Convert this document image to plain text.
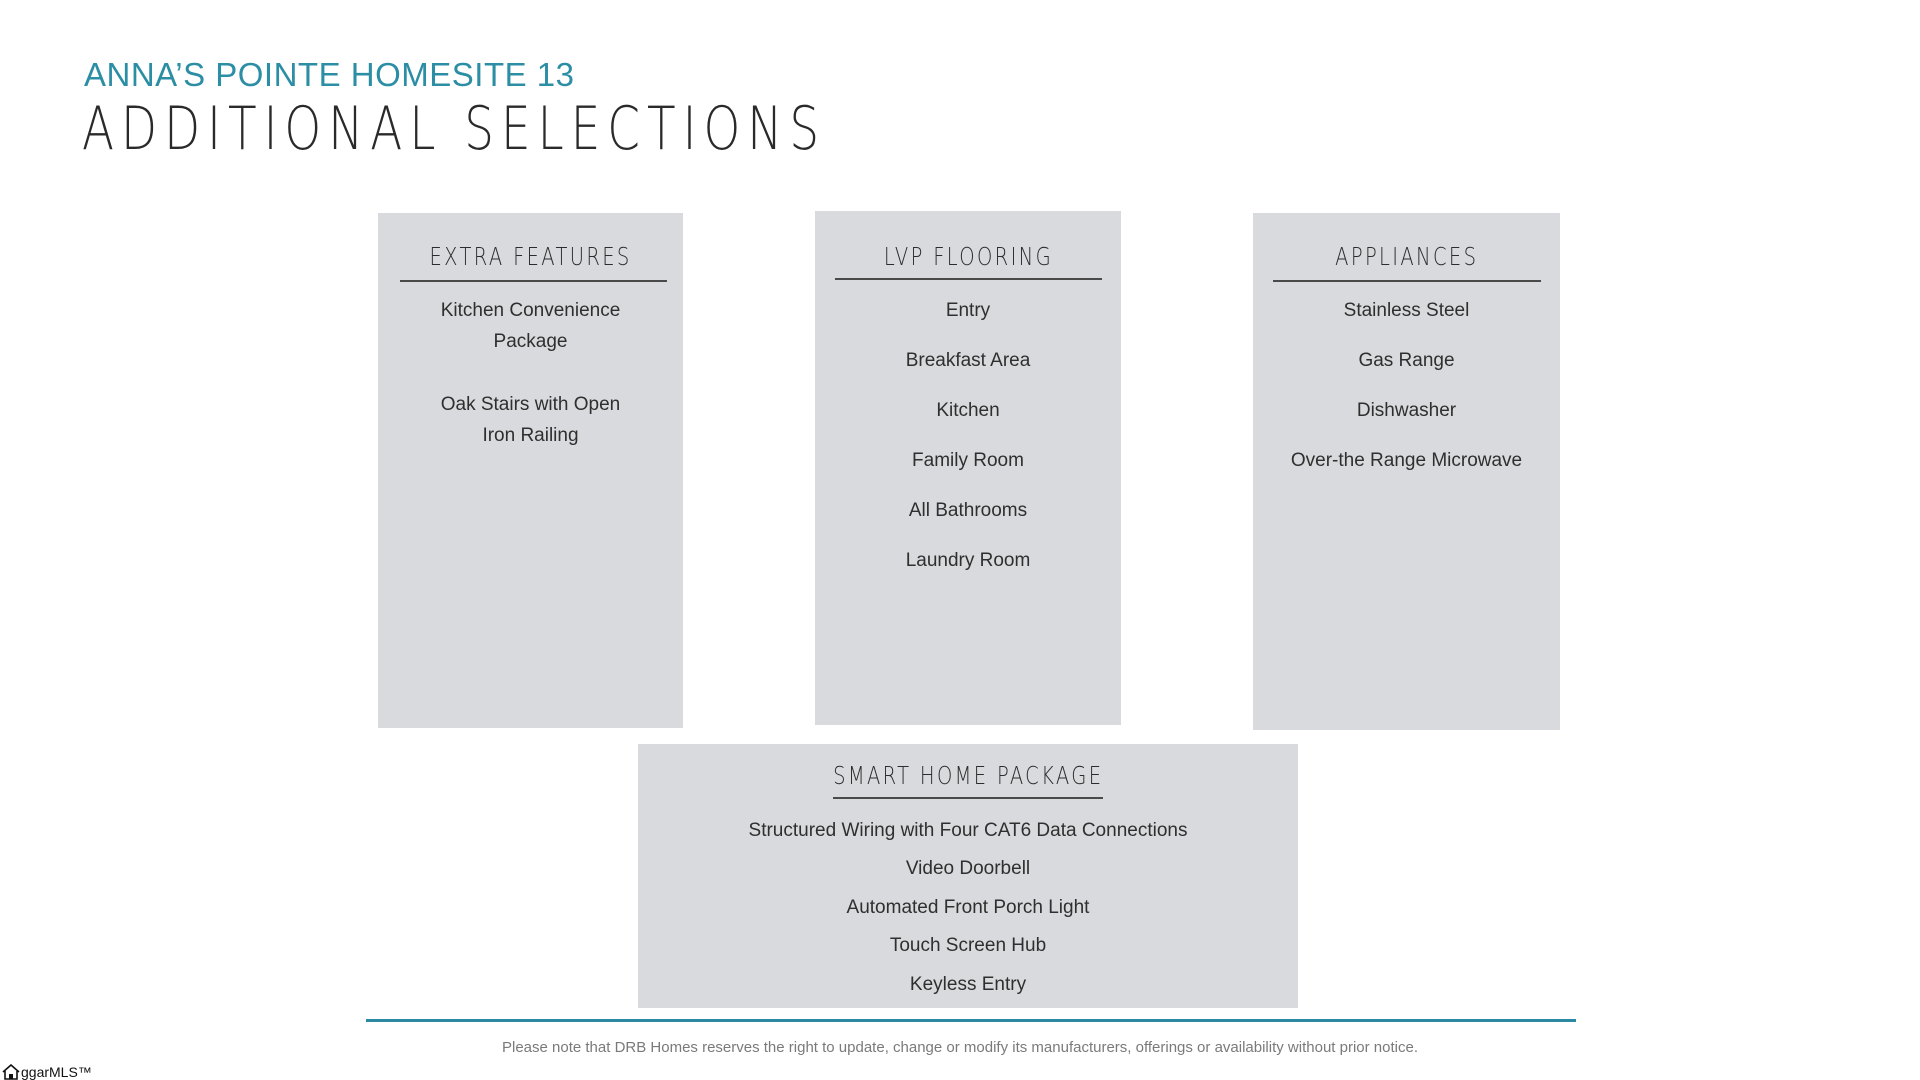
ANNA’S POINTE HOMESITE 13
ADDITIONAL SELECTIONS
EXTRA FEATURES
Kitchen Convenience Package
Oak Stairs with Open Iron Railing
LVP FLOORING
Entry
Breakfast Area
Kitchen
Family Room
All Bathrooms
Laundry Room
APPLIANCES
Stainless Steel
Gas Range
Dishwasher
Over-the Range Microwave
SMART HOME PACKAGE
Structured Wiring with Four CAT6 Data Connections
Video Doorbell
Automated Front Porch Light
Touch Screen Hub
Keyless Entry
Please note that DRB Homes reserves the right to update, change or modify its manufacturers, offerings or availability without prior notice.
ggarMLS™
